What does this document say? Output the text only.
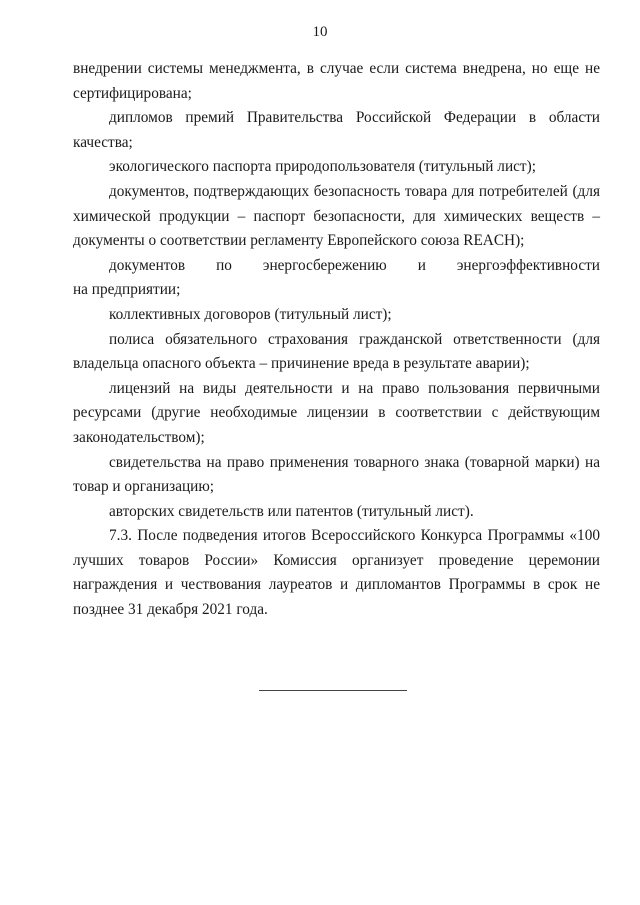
10

внедрении системы менеджмента, в случае если система внедрена, но еще не сертифицирована;

дипломов премий Правительства Российской Федерации в области качества;

экологического паспорта природопользователя (титульный лист);

документов, подтверждающих безопасность товара для потребителей (для химической продукции – паспорт безопасности, для химических веществ – документы о соответствии регламенту Европейского союза REACH);

документов по энергосбережению и энергоэффективности

на предприятии;

коллективных договоров (титульный лист);

полиса обязательного страхования гражданской ответственности (для владельца опасного объекта – причинение вреда в результате аварии);

лицензий на виды деятельности и на право пользования первичными ресурсами (другие необходимые лицензии в соответствии с действующим законодательством);

свидетельства на право применения товарного знака (товарной марки) на товар и организацию;

авторских свидетельств или патентов (титульный лист).

7.3. После подведения итогов Всероссийского Конкурса Программы «100 лучших товаров России» Комиссия организует проведение церемонии награждения и чествования лауреатов и дипломантов Программы в срок не позднее 31 декабря 2021 года.
